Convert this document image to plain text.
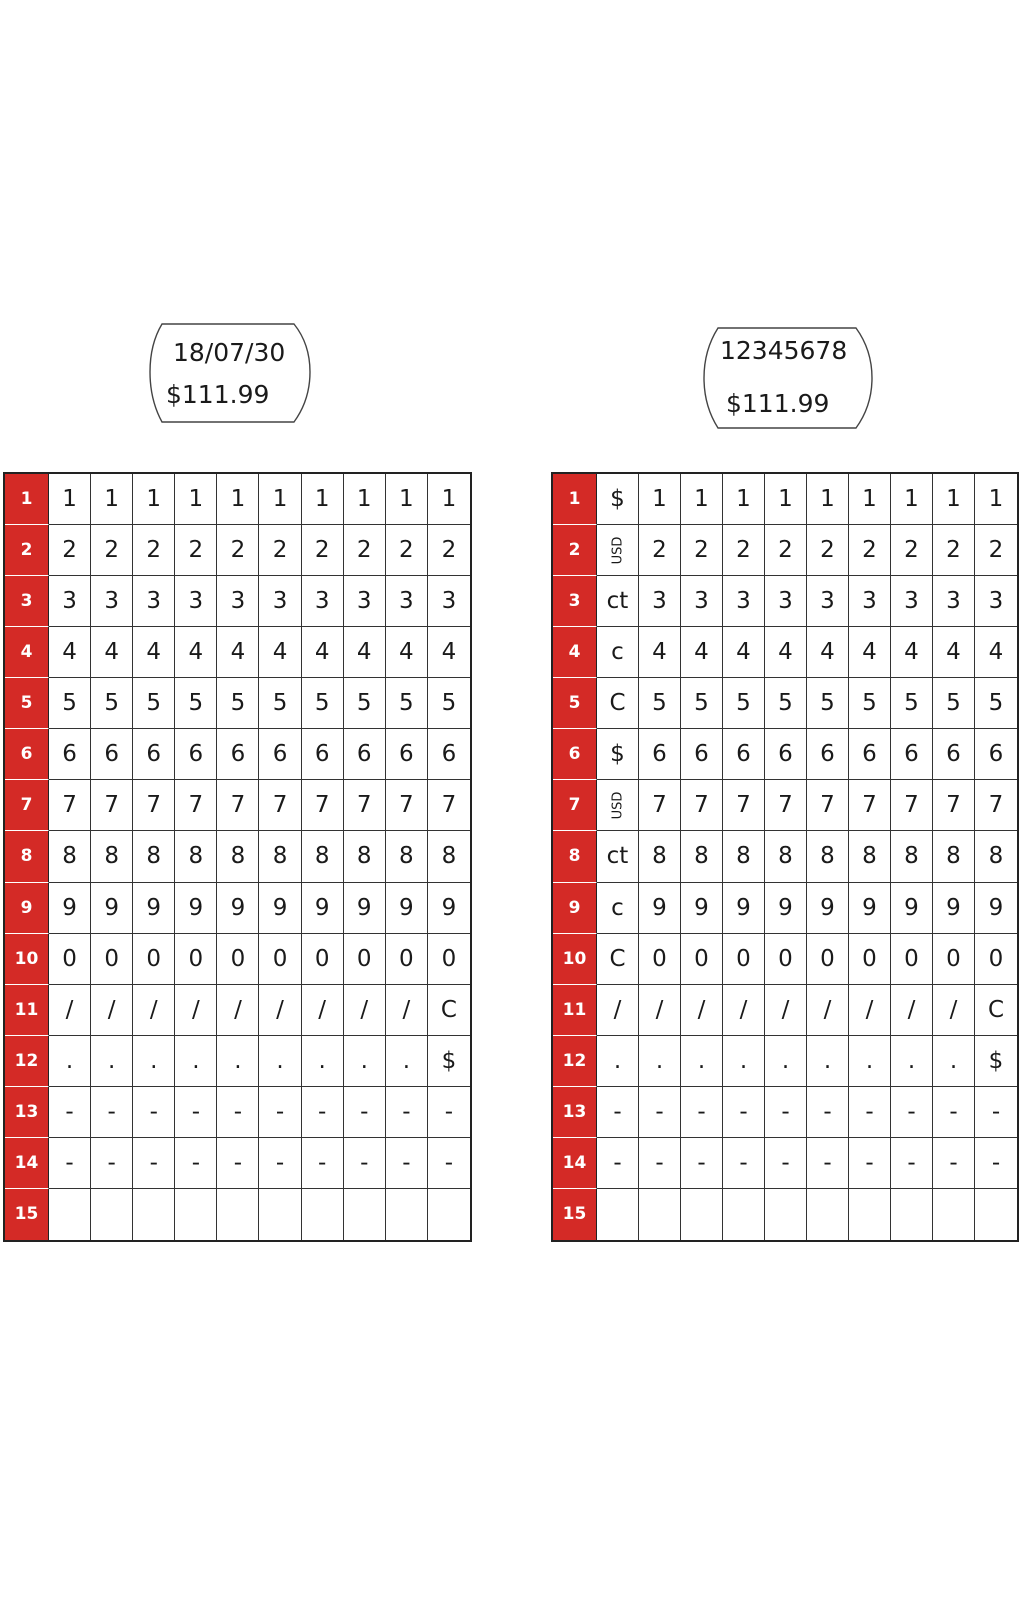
18/07/30
$111.99
12345678
$111.99
1	1	1	1	1	1	1	1	1	1	1
2	2	2	2	2	2	2	2	2	2	2
3	3	3	3	3	3	3	3	3	3	3
4	4	4	4	4	4	4	4	4	4	4
5	5	5	5	5	5	5	5	5	5	5
6	6	6	6	6	6	6	6	6	6	6
7	7	7	7	7	7	7	7	7	7	7
8	8	8	8	8	8	8	8	8	8	8
9	9	9	9	9	9	9	9	9	9	9
10	0	0	0	0	0	0	0	0	0	0
11	/	/	/	/	/	/	/	/	/	C
12	.	.	.	.	.	.	.	.	.	$
13	-	-	-	-	-	-	-	-	-	-
14	-	-	-	-	-	-	-	-	-	-
15
1	$	1	1	1	1	1	1	1	1	1
2	USD	2	2	2	2	2	2	2	2	2
3	ct	3	3	3	3	3	3	3	3	3
4	c	4	4	4	4	4	4	4	4	4
5	C	5	5	5	5	5	5	5	5	5
6	$	6	6	6	6	6	6	6	6	6
7	USD	7	7	7	7	7	7	7	7	7
8	ct	8	8	8	8	8	8	8	8	8
9	c	9	9	9	9	9	9	9	9	9
10	C	0	0	0	0	0	0	0	0	0
11	/	/	/	/	/	/	/	/	/	C
12	.	.	.	.	.	.	.	.	.	$
13	-	-	-	-	-	-	-	-	-	-
14	-	-	-	-	-	-	-	-	-	-
15
